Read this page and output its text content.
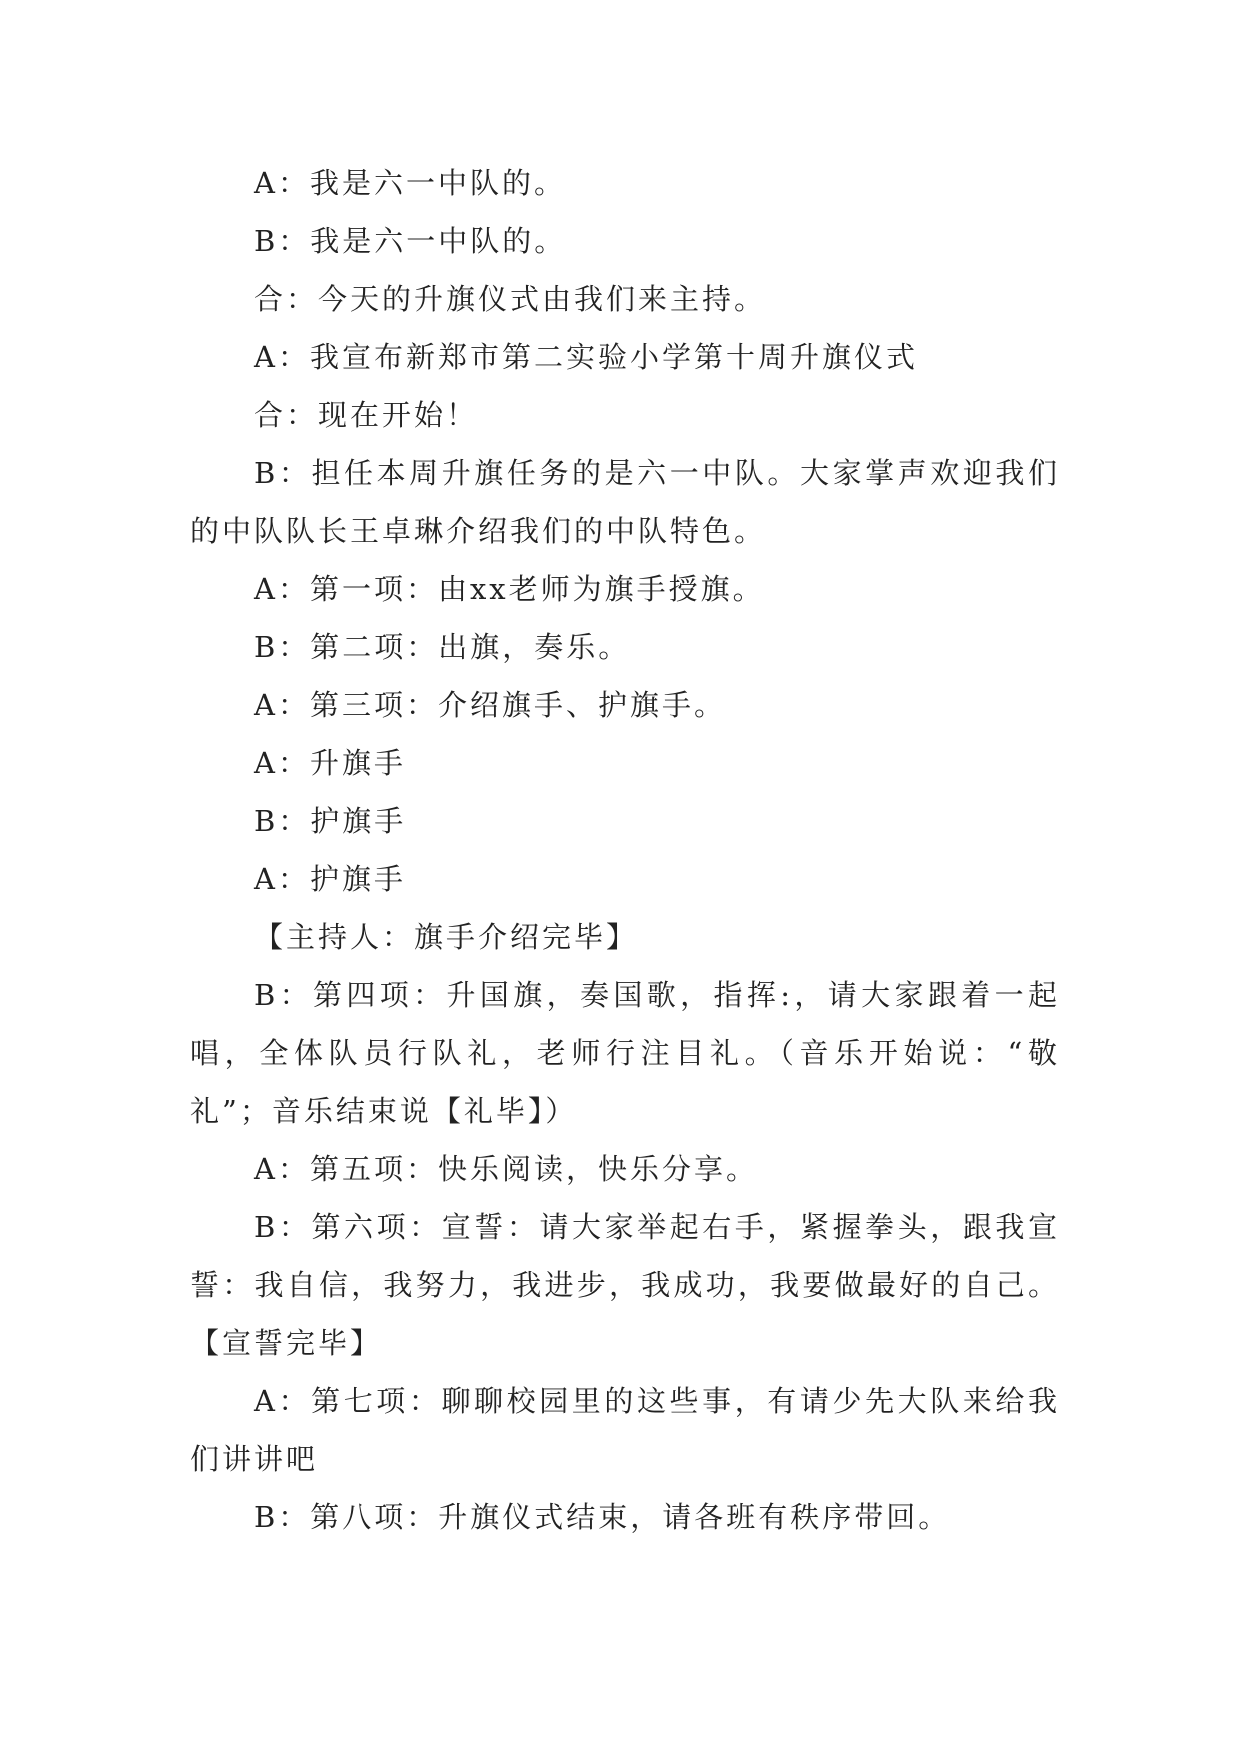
A：我是六一中队的。

B：我是六一中队的。

合：今天的升旗仪式由我们来主持。

A：我宣布新郑市第二实验小学第十周升旗仪式

合：现在开始！

B：担任本周升旗任务的是六一中队。大家掌声欢迎我们的中队队长王卓琳介绍我们的中队特色。

A：第一项：由xx老师为旗手授旗。

B：第二项：出旗，奏乐。

A：第三项：介绍旗手、护旗手。

A：升旗手

B：护旗手

A：护旗手

【主持人：旗手介绍完毕】

B：第四项：升国旗，奏国歌，指挥:，请大家跟着一起唱，全体队员行队礼，老师行注目礼。（音乐开始说：“敬礼”；音乐结束说【礼毕】）

A：第五项：快乐阅读，快乐分享。

B：第六项：宣誓：请大家举起右手，紧握拳头，跟我宣誓：我自信，我努力，我进步，我成功，我要做最好的自己。【宣誓完毕】

A：第七项：聊聊校园里的这些事，有请少先大队来给我们讲讲吧

B：第八项：升旗仪式结束，请各班有秩序带回。
